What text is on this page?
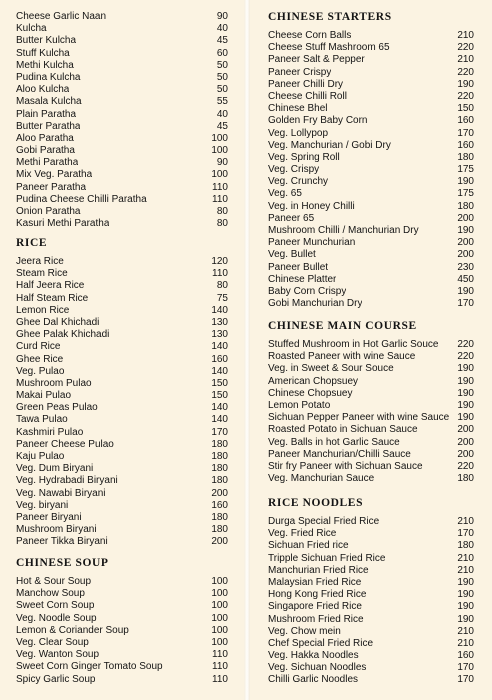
Cheese Garlic Naan	90
Kulcha	40
Butter Kulcha	45
Stuff Kulcha	60
Methi Kulcha	50
Pudina Kulcha	50
Aloo Kulcha	50
Masala Kulcha	55
Plain Paratha	40
Butter Paratha	45
Aloo Paratha	100
Gobi Paratha	100
Methi Paratha	90
Mix Veg. Paratha	100
Paneer Paratha	110
Pudina Cheese Chilli Paratha	110
Onion Paratha	80
Kasuri Methi Paratha	80
RICE
Jeera Rice	120
Steam Rice	110
Half Jeera Rice	80
Half Steam Rice	75
Lemon Rice	140
Ghee Dal Khichadi	130
Ghee Palak Khichadi	130
Curd Rice	140
Ghee Rice	160
Veg. Pulao	140
Mushroom Pulao	150
Makai Pulao	150
Green Peas Pulao	140
Tawa Pulao	140
Kashmiri Pulao	170
Paneer Cheese Pulao	180
Kaju Pulao	180
Veg. Dum Biryani	180
Veg. Hydrabadi Biryani	180
Veg. Nawabi Biryani	200
Veg. biryani	160
Paneer Biryani	180
Mushroom Biryani	180
Paneer Tikka Biryani	200
CHINESE SOUP
Hot & Sour Soup	100
Manchow Soup	100
Sweet Corn Soup	100
Veg. Noodle Soup	100
Lemon & Coriander Soup	100
Veg. Clear Soup	100
Veg. Wanton Soup	110
Sweet Corn Ginger Tomato Soup	110
Spicy Garlic Soup	110
CHINESE STARTERS
Cheese Corn Balls	210
Cheese Stuff Mashroom 65	220
Paneer Salt & Pepper	210
Paneer Crispy	220
Paneer Chilli Dry	190
Cheese Chilli Roll	220
Chinese Bhel	150
Golden Fry Baby Corn	160
Veg. Lollypop	170
Veg. Manchurian / Gobi Dry	160
Veg. Spring Roll	180
Veg. Crispy	175
Veg. Crunchy	190
Veg. 65	175
Veg. in Honey Chilli	180
Paneer 65	200
Mushroom Chilli / Manchurian Dry	190
Paneer Munchurian	200
Veg. Bullet	200
Paneer Bullet	230
Chinese Platter	450
Baby Corn Crispy	190
Gobi Manchurian Dry	170
CHINESE MAIN COURSE
Stuffed Mushroom in Hot Garlic Souce	220
Roasted Paneer with wine Sauce	220
Veg. in Sweet & Sour Souce	190
American Chopsuey	190
Chinese Chopsuey	190
Lemon Potato	190
Sichuan Pepper Paneer with wine Sauce 190
Roasted Potato in Sichuan Sauce	200
Veg. Balls in hot Garlic Sauce	200
Paneer Manchurian/Chilli Sauce	200
Stir fry Paneer with Sichuan Sauce	220
Veg. Manchurian Sauce	180
RICE NOODLES
Durga Special Fried Rice	210
Veg. Fried Rice	170
Sichuan Fried rice	180
Tripple Sichuan Fried Rice	210
Manchurian Fried Rice	210
Malaysian Fried Rice	190
Hong Kong Fried Rice	190
Singapore Fried Rice	190
Mushroom Fried Rice	190
Veg. Chow mein	210
Chef Special Fried Rice	210
Veg. Hakka Noodles	160
Veg. Sichuan Noodles	170
Chilli Garlic Noodles	170
